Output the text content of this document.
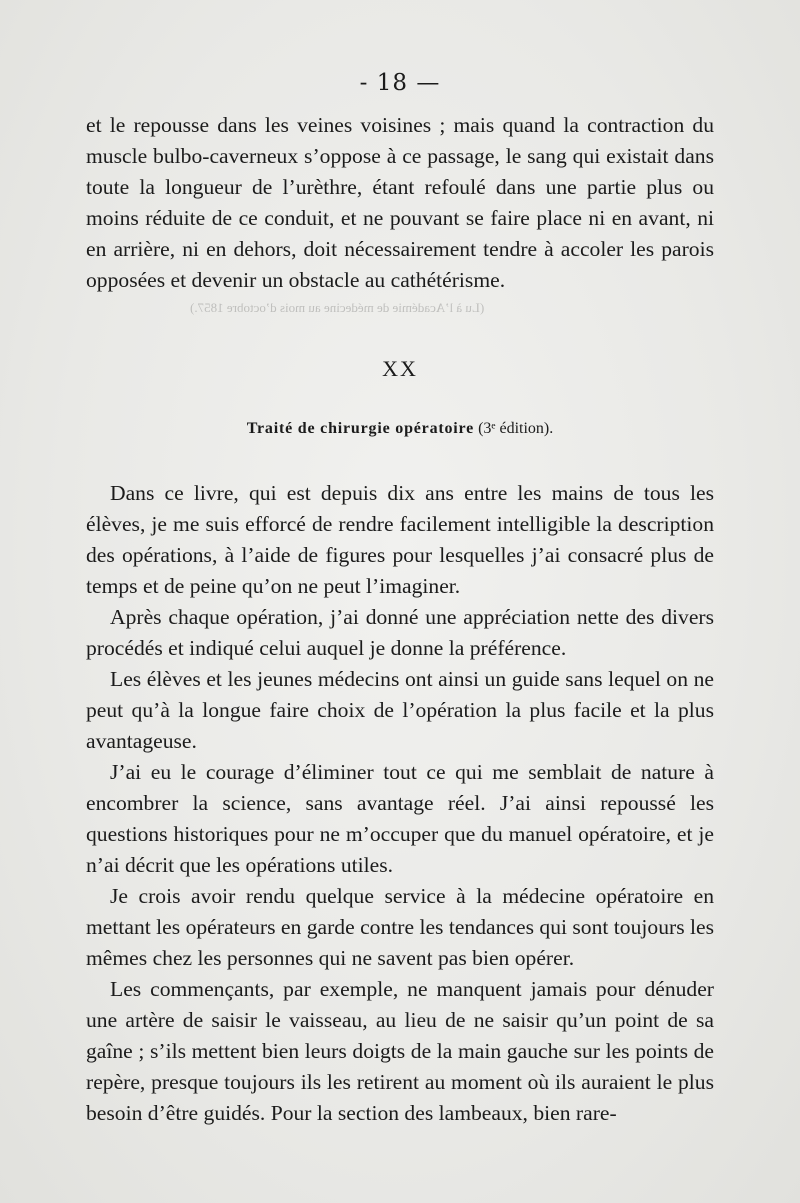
- 18 —

et le repousse dans les veines voisines ; mais quand la contraction du muscle bulbo-caverneux s’oppose à ce passage, le sang qui existait dans toute la longueur de l’urèthre, étant refoulé dans une partie plus ou moins réduite de ce conduit, et ne pouvant se faire place ni en avant, ni en arrière, ni en dehors, doit nécessairement tendre à accoler les parois opposées et devenir un obstacle au cathétérisme.

(Lu à l’Académie de médecine au mois d’octobre 1857.)
XX
Traité de chirurgie opératoire (3ᵉ édition).

Dans ce livre, qui est depuis dix ans entre les mains de tous les élèves, je me suis efforcé de rendre facilement intelligible la description des opérations, à l’aide de figures pour lesquelles j’ai consacré plus de temps et de peine qu’on ne peut l’imaginer.

Après chaque opération, j’ai donné une appréciation nette des divers procédés et indiqué celui auquel je donne la préférence.

Les élèves et les jeunes médecins ont ainsi un guide sans lequel on ne peut qu’à la longue faire choix de l’opération la plus facile et la plus avantageuse.

J’ai eu le courage d’éliminer tout ce qui me semblait de nature à encombrer la science, sans avantage réel. J’ai ainsi repoussé les questions historiques pour ne m’occuper que du manuel opératoire, et je n’ai décrit que les opérations utiles.

Je crois avoir rendu quelque service à la médecine opératoire en mettant les opérateurs en garde contre les tendances qui sont toujours les mêmes chez les personnes qui ne savent pas bien opérer.

Les commençants, par exemple, ne manquent jamais pour dénuder une artère de saisir le vaisseau, au lieu de ne saisir qu’un point de sa gaîne ; s’ils mettent bien leurs doigts de la main gauche sur les points de repère, presque toujours ils les retirent au moment où ils auraient le plus besoin d’être guidés. Pour la section des lambeaux, bien rare-
